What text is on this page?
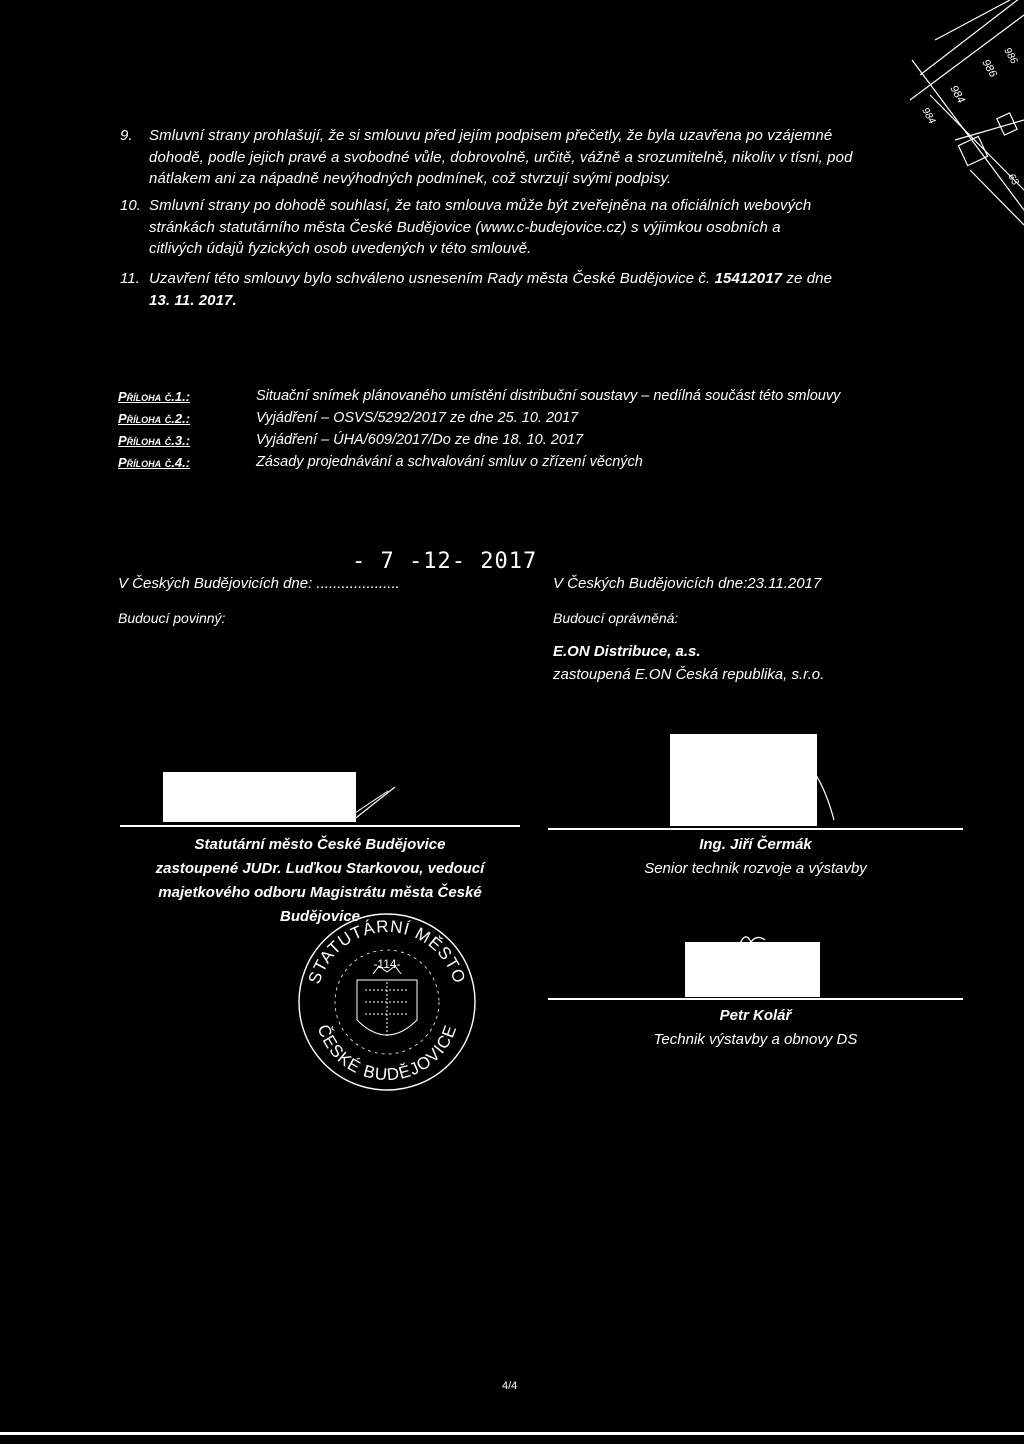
986
984
984
986
63
9. Smluvní strany prohlašují, že si smlouvu před jejím podpisem přečetly, že byla uzavřena po vzájemné
dohodě, podle jejich pravé a svobodné vůle, dobrovolně, určitě, vážně a srozumitelně, nikoliv v tísni, pod
nátlakem ani za nápadně nevýhodných podmínek, což stvrzují svými podpisy.
10. Smluvní strany po dohodě souhlasí, že tato smlouva může být zveřejněna na oficiálních webových
stránkách statutárního města České Budějovice (www.c-budejovice.cz) s výjimkou osobních a
citlivých údajů fyzických osob uvedených v této smlouvě.
11. Uzavření této smlouvy bylo schváleno usnesením Rady města České Budějovice č. 15412017 ze dne
13. 11. 2017.
Příloha č.1.:	Situační snímek plánovaného umístění distribuční soustavy – nedílná součást této smlouvy
Příloha č.2.:	Vyjádření – OSVS/5292/2017 ze dne 25. 10. 2017
Příloha č.3.:	Vyjádření – ÚHA/609/2017/Do ze dne 18. 10. 2017
Příloha č.4.:	Zásady projednávání a schvalování smluv o zřízení věcných
- 7 -12- 2017
V Českých Budějovicích dne: ....................
Budoucí povinný:
Statutární město České Budějovice
zastoupené JUDr. Luďkou Starkovou, vedoucí
majetkového odboru Magistrátu města České
Budějovice
STATUTÁRNÍ MĚSTO
ČESKÉ BUDĚJOVICE
-114-
V Českých Budějovicích dne:23.11.2017
Budoucí oprávněná:
E.ON Distribuce, a.s.
zastoupená E.ON Česká republika, s.r.o.
Ing. Jiří Čermák
Senior technik rozvoje a výstavby
Petr Kolář
Technik výstavby a obnovy DS
4/4
